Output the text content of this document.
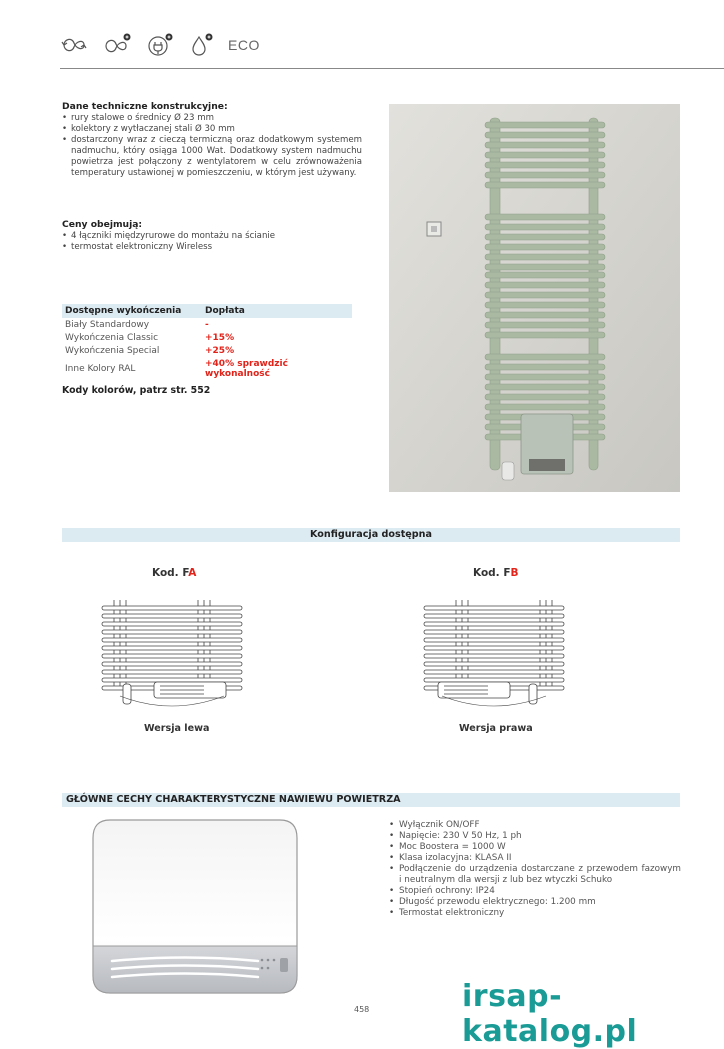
ECO
Dane techniczne konstrukcyjne:
• rury stalowe o średnicy Ø 23 mm
• kolektory z wytłaczanej stali Ø 30 mm
• dostarczony wraz z cieczą termiczną oraz dodatkowym systemem nadmuchu, który osiąga 1000 Wat. Dodatkowy system nadmuchu powietrza jest połączony z wentylatorem w celu zrównoważenia temperatury ustawionej w pomieszczeniu, w którym jest używany.
Ceny obejmują:
• 4 łączniki międzyrurowe do montażu na ścianie
• termostat elektroniczny Wireless
Dostępne wykończenia	Dopłata
Biały Standardowy	-
Wykończenia Classic	+15%
Wykończenia Special	+25%
Inne Kolory RAL	+40% sprawdzić wykonalność
Kody kolorów, patrz str. 552
Konfiguracja dostępna
Kod. FA	Kod. FB
Wersja lewa	Wersja prawa
GŁÓWNE CECHY CHARAKTERYSTYCZNE NAWIEWU POWIETRZA
• Wyłącznik ON/OFF
• Napięcie: 230 V 50 Hz, 1 ph
• Moc Boostera = 1000 W
• Klasa izolacyjna: KLASA II
• Podłączenie do urządzenia dostarczane z przewodem fazowym i neutralnym dla wersji z lub bez wtyczki Schuko
• Stopień ochrony: IP24
• Długość przewodu elektrycznego: 1.200 mm
• Termostat elektroniczny
458	irsap-katalog.pl
